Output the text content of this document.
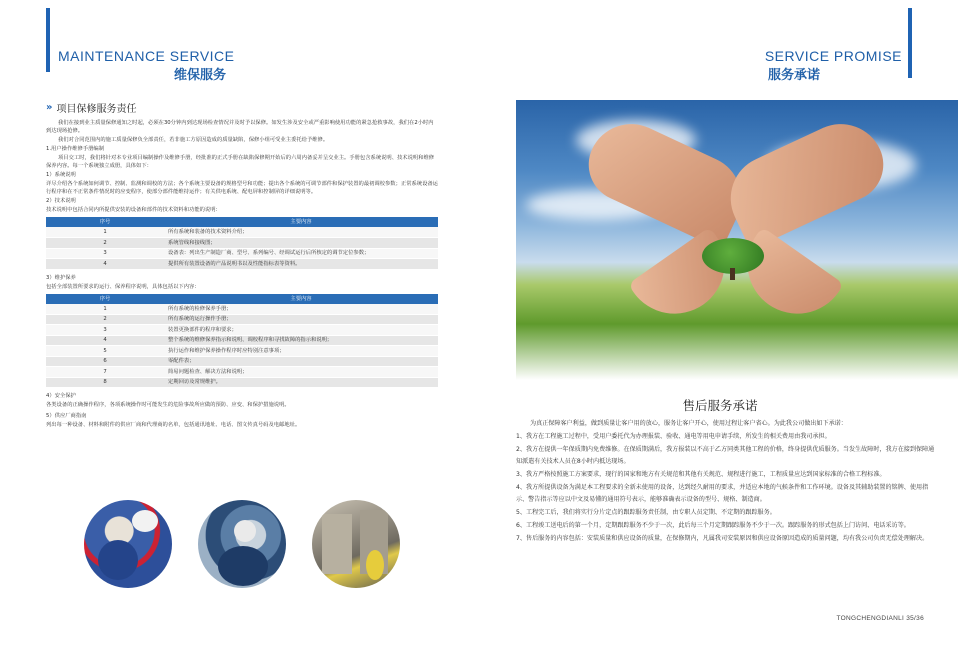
MAINTENANCE SERVICE
维保服务
» 项目保修服务责任

我们在接到业主质量保修通知之时起，必须在30分钟内到达现场检查情况并及时予以保修。如发生涉及安全或严重影响使用功能的紧急抢救事故，我们在2小时内到达现场抢修。

我们对合同范围内的施工质量保修负全部责任，若非施工方原因造成的质量缺陷，保修小组可受业主委托给予维修。

1.用户操作维修手册编制

项目交工时，我们将针对本专业项目编制操作及维修手册，经批准的正式手册在缺陷保修期开始后的六周内备妥并呈交业主。手册包含系统说明、技术说明和维修保养内容。每一个系统独立成册，具体如下：

1）系统说明

详尽介绍各个系统如何调节、控制、监测和调校的方法；各个系统主要设备的规格型号和功能；提出各个系统的可调节部件和保护装置的最初调校参数；正常系统设备运行程序和在不正常条件情况时的应变程序，使部分部件能维持运作；有关供电系统、配电屏和控制屏的详细说明等。

2）技术说明

技术说明中包括合同内所提供安装的设备和部件的技术资料和功能的说明：

序号	主要内容
1	所有系统和装备的技术资料介绍；
2	系统管线和接线图；
3	设备表：列出生产制造厂商、型号、系列编号、经调试运行后所核定的调节定位参数；
4	提供所有装置设备的产品说明书以及性能指标表等资料。

3）维护保养

包括全部装置所要求的运行、保养程序说明，具体包括以下内容：

序号	主要内容
1	所有系统的检修保养手册；
2	所有系统的运行操作手册；
3	装置更换部件的程序和要求；
4	整个系统的维修保养指示和说明、调校程序和寻找故障的指示和说明；
5	执行运作和维护保养操作程序时应特别注意事项；
6	零配件表；
7	简易问题检查、解决方法和说明；
8	定期回访及常规维护。

4）安全保护

各类设备的正确操作程序，各项系统操作时可能发生的危险事故所应做的预防、应变、和保护措施说明。

5）供应厂商指南

列出每一种设备、材料和附件的供应厂商和代理商的名单，包括通讯地址、电话、图文传真号码及电邮地址。

SERVICE PROMISE
服务承诺
售后服务承诺

为真正保障客户利益，做到质量让客户用的放心，服务让客户开心，使用过程让客户省心。为此我公司做出如下承诺：

1、我方在工程施工过程中，受用户委托代为办理报装、验收、通电等用电申请手续，所发生的相关费用由我司承担。

2、我方在提供一年保质期内免费维修。在保质期满后，我方报装以不高于乙方同类其他工程的价格，终身提供优质服务。当发生故障时，我方在接到保障通知派遣有关技术人员在8小时内抵达现场。

3、我方严格按照施工方案要求，现行的国家和地方有关规范和其他有关规范、规程进行施工，工程质量应达到国家标准的合格工程标准。

4、我方所提供设备为满足本工程要求的全新未使用的设备，达到经久耐用的要求，并适应本地的气候条件和工作环境。设备及其辅助装置的铭牌、使用指示、警告指示等应以中文及易懂的通用符号表示，能够准确表示设备的型号、规格、制造商。

5、工程完工后，我们将实行分片定点的跟踪服务责任制，由专职人员定期、不定期的跟踪服务。

6、工程竣工送电后的第一个月，定期跟踪服务不少于一次，此后每三个月定期跟踪服务不少于一次。跟踪服务的形式包括上门访问、电话采访等。

7、售后服务的内容包括：安装质量和供应设备的质量，在保修期内，凡属我司安装原因和供应设备原因造成的质量问题，均有我公司负责无偿处理解决。

TONGCHENGDIANLI 35/36
